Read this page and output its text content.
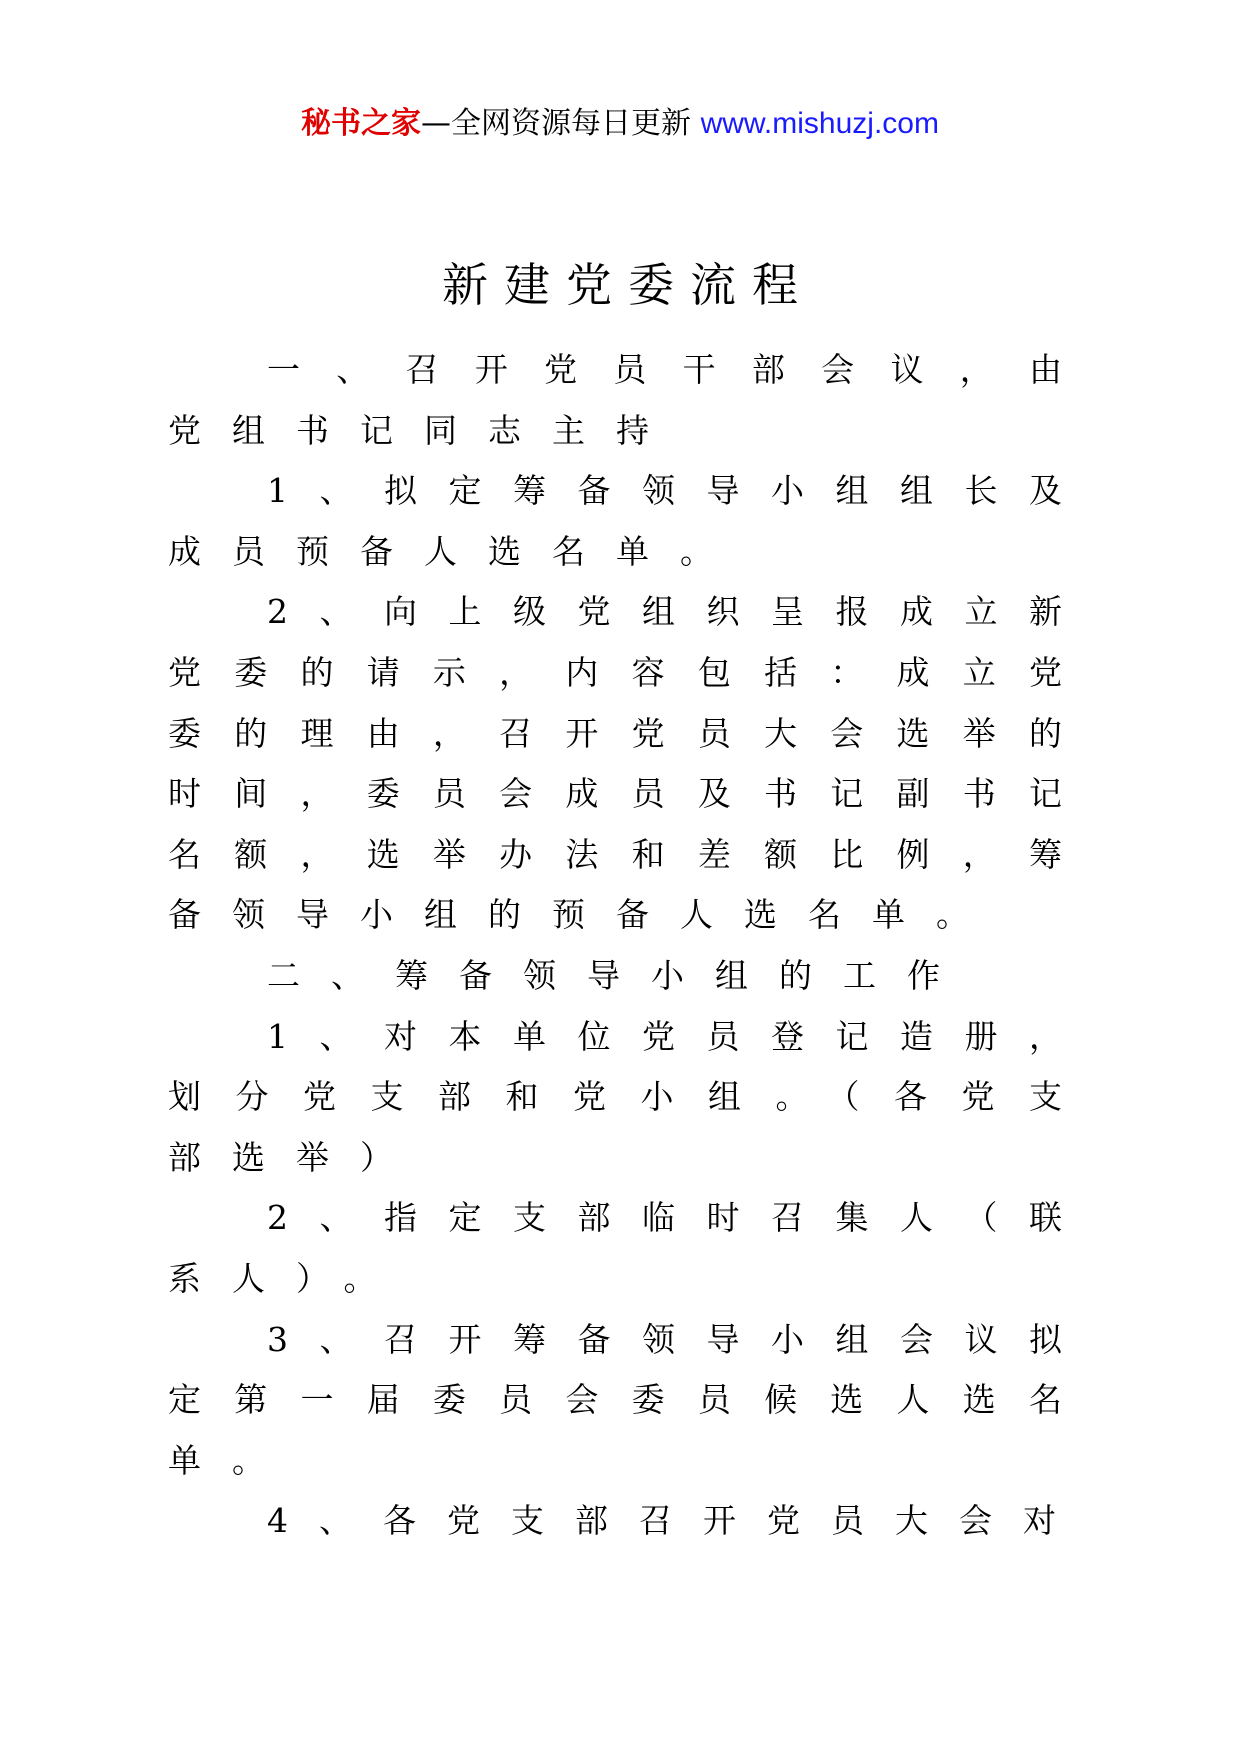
秘书之家—全网资源每日更新 www.mishuzj.com
新建党委流程

一、召开党员干部会议，由党组书记同志主持

1、拟定筹备领导小组组长及成员预备人选名单。

2、向上级党组织呈报成立新党委的请示，内容包括：成立党委的理由，召开党员大会选举的时间，委员会成员及书记副书记名额，选举办法和差额比例，筹备领导小组的预备人选名单。

二、筹备领导小组的工作

1、对本单位党员登记造册，划分党支部和党小组。（各党支部选举）

2、指定支部临时召集人（联系人）。

3、召开筹备领导小组会议拟定第一届委员会委员候选人选名单。

4、各党支部召开党员大会对
